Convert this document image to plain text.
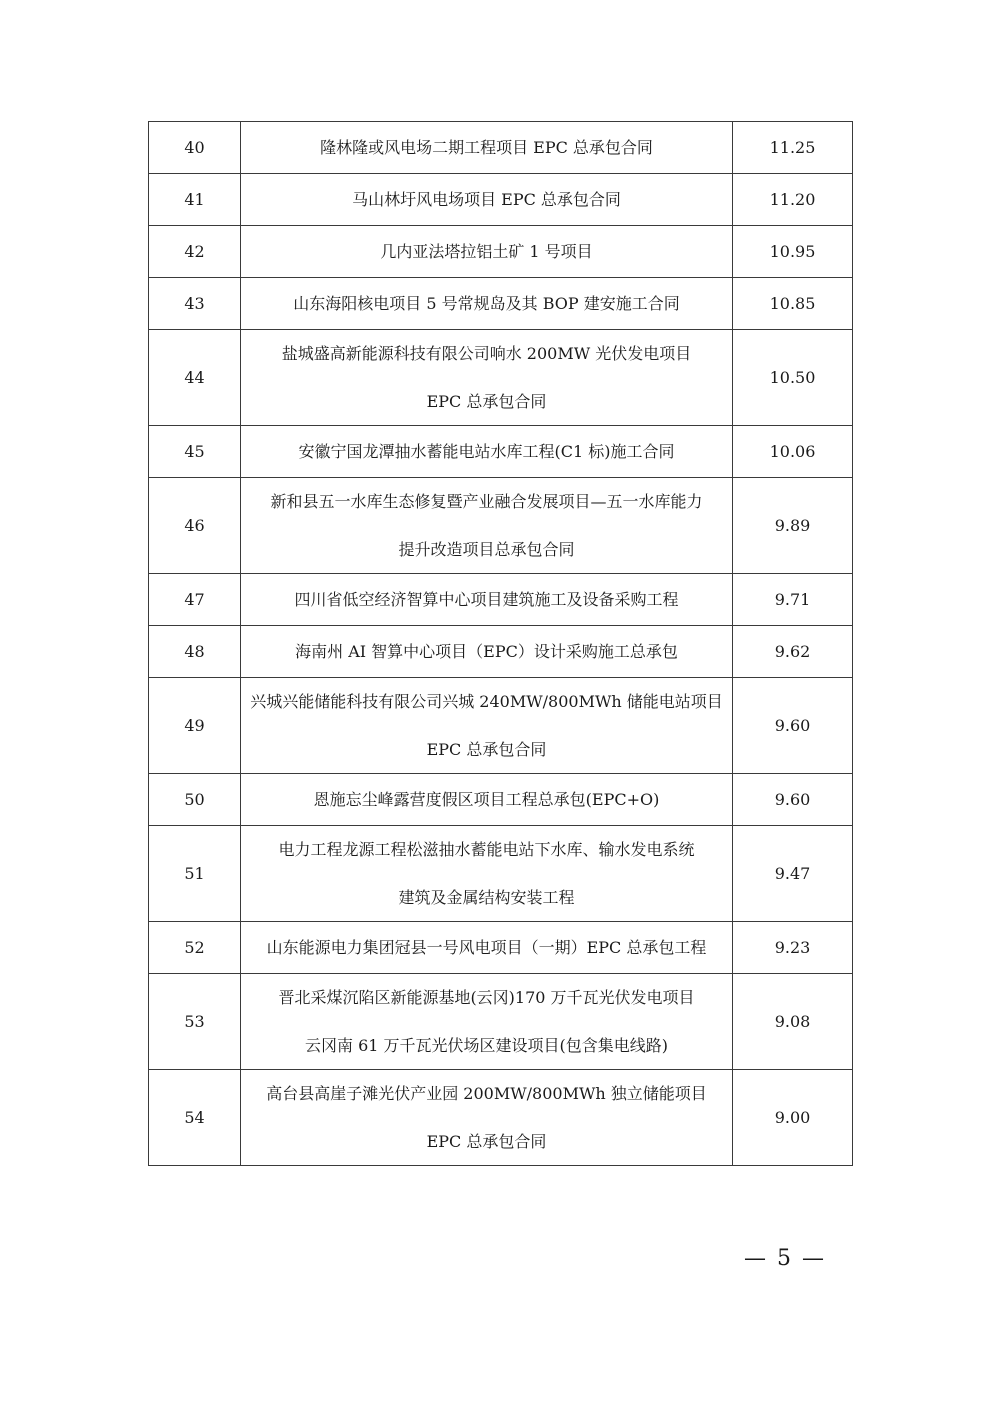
40	隆林隆或风电场二期工程项目 EPC 总承包合同	11.25
41	马山林圩风电场项目 EPC 总承包合同	11.20
42	几内亚法塔拉铝土矿 1 号项目	10.95
43	山东海阳核电项目 5 号常规岛及其 BOP 建安施工合同	10.85
44	盐城盛高新能源科技有限公司响水 200MW 光伏发电项目
EPC 总承包合同	10.50
45	安徽宁国龙潭抽水蓄能电站水库工程(C1 标)施工合同	10.06
46	新和县五一水库生态修复暨产业融合发展项目—五一水库能力
提升改造项目总承包合同	9.89
47	四川省低空经济智算中心项目建筑施工及设备采购工程	9.71
48	海南州 AI 智算中心项目（EPC）设计采购施工总承包	9.62
49	兴城兴能储能科技有限公司兴城 240MW/800MWh 储能电站项目
EPC 总承包合同	9.60
50	恩施忘尘峰露营度假区项目工程总承包(EPC+O)	9.60
51	电力工程龙源工程松滋抽水蓄能电站下水库、输水发电系统
建筑及金属结构安装工程	9.47
52	山东能源电力集团冠县一号风电项目（一期）EPC 总承包工程	9.23
53	晋北采煤沉陷区新能源基地(云冈)170 万千瓦光伏发电项目
云冈南 61 万千瓦光伏场区建设项目(包含集电线路)	9.08
54	高台县高崖子滩光伏产业园 200MW/800MWh 独立储能项目
EPC 总承包合同	9.00
— 5 —
